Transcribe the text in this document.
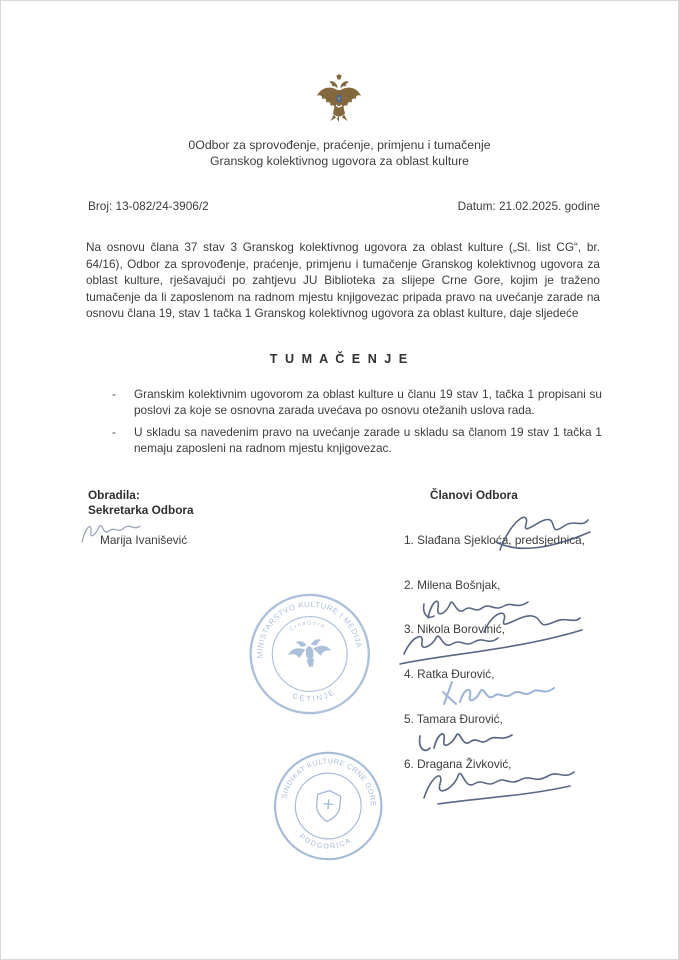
0Odbor za sprovođenje, praćenje, primjenu i tumačenje
Granskog kolektivnog ugovora za oblast kulture
Broj: 13-082/24-3906/2	Datum: 21.02.2025. godine

Na osnovu člana 37 stav 3 Granskog kolektivnog ugovora za oblast kulture („Sl. list CG“, br. 64/16), Odbor za sprovođenje, praćenje, primjenu i tumačenje Granskog kolektivnog ugovora za oblast kulture, rješavajući po zahtjevu JU Biblioteka za slijepe Crne Gore, kojim je traženo tumačenje da li zaposlenom na radnom mjestu knjigovezac pripada pravo na uvećanje zarade na osnovu člana 19, stav 1 tačka 1 Granskog kolektivnog ugovora za oblast kulture, daje sljedeće

T U M A Č E N J E
- Granskim kolektivnim ugovorom za oblast kulture u članu 19 stav 1, tačka 1 propisani su poslovi za koje se osnovna zarada uvećava po osnovu otežanih uslova rada.
- U skladu sa navedenim pravo na uvećanje zarade u skladu sa članom 19 stav 1 tačka 1 nemaju zaposleni na radnom mjestu knjigovezac.
Obradila:
Sekretarka Odbora
Marija Ivanišević
Članovi Odbora
1. Slađana Sjekloća, predsjednica,
2. Milena Bošnjak,
3. Nikola Borovinić,
4. Ratka Đurović,
5. Tamara Đurović,
6. Dragana Živković,
MINISTARSTVO KULTURE I MEDIJA
C r n a G o r a
CETINJE
SINDIKAT KULTURE CRNE GORE
· PODGORICA ·
